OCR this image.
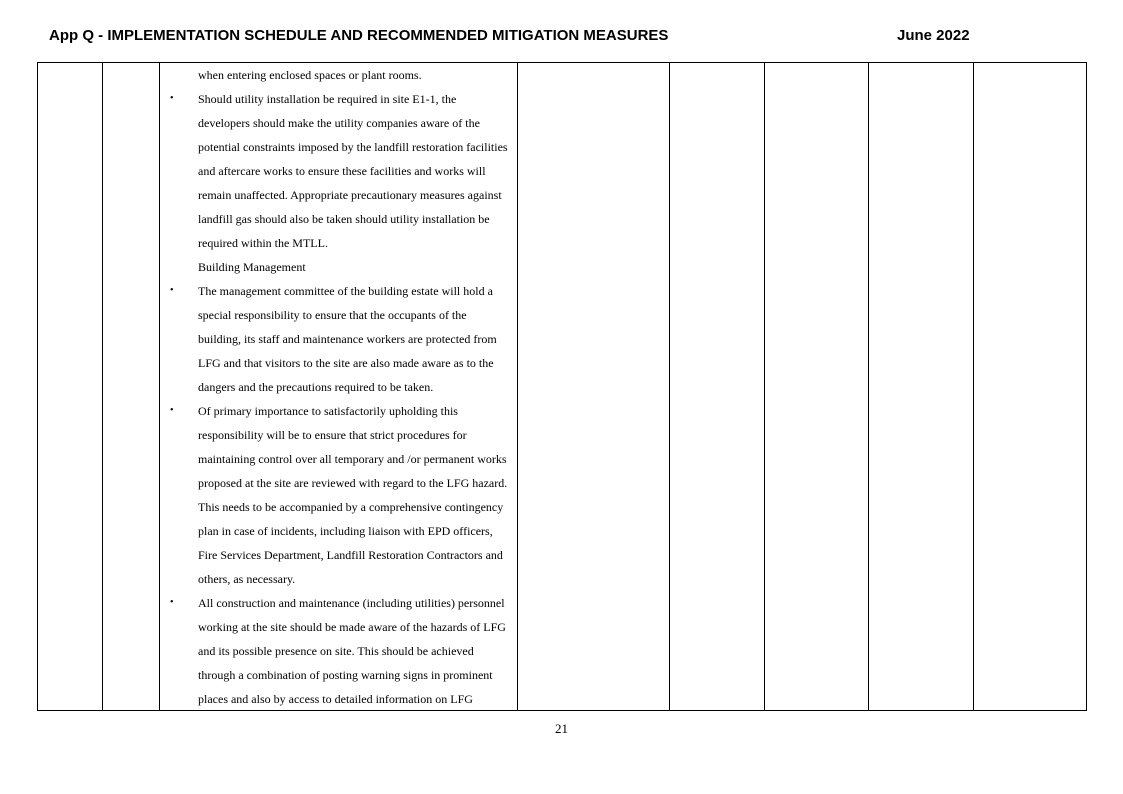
App Q - IMPLEMENTATION SCHEDULE AND RECOMMENDED MITIGATION MEASURES	June 2022
when entering enclosed spaces or plant rooms.
• Should utility installation be required in site E1-1, the
developers should make the utility companies aware of the
potential constraints imposed by the landfill restoration facilities
and aftercare works to ensure these facilities and works will
remain unaffected. Appropriate precautionary measures against
landfill gas should also be taken should utility installation be
required within the MTLL.
Building Management
• The management committee of the building estate will hold a
special responsibility to ensure that the occupants of the
building, its staff and maintenance workers are protected from
LFG and that visitors to the site are also made aware as to the
dangers and the precautions required to be taken.
• Of primary importance to satisfactorily upholding this
responsibility will be to ensure that strict procedures for
maintaining control over all temporary and /or permanent works
proposed at the site are reviewed with regard to the LFG hazard.
This needs to be accompanied by a comprehensive contingency
plan in case of incidents, including liaison with EPD officers,
Fire Services Department, Landfill Restoration Contractors and
others, as necessary.
• All construction and maintenance (including utilities) personnel
working at the site should be made aware of the hazards of LFG
and its possible presence on site. This should be achieved
through a combination of posting warning signs in prominent
places and also by access to detailed information on LFG
21
